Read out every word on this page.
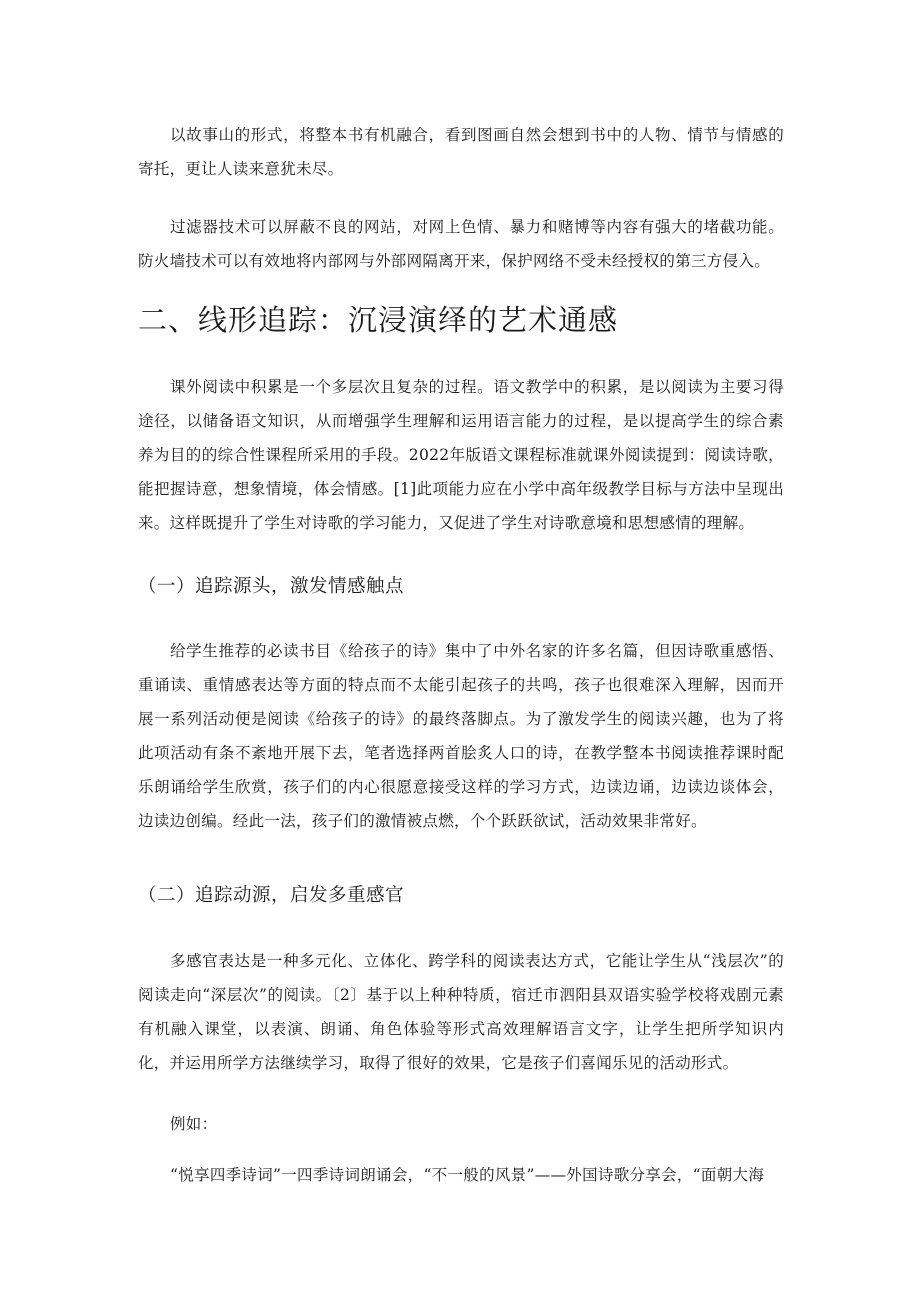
以故事山的形式，将整本书有机融合，看到图画自然会想到书中的人物、情节与情感的寄托，更让人读来意犹未尽。

过滤器技术可以屏蔽不良的网站，对网上色情、暴力和赌博等内容有强大的堵截功能。防火墙技术可以有效地将内部网与外部网隔离开来，保护网络不受未经授权的第三方侵入。

二、线形追踪：沉浸演绎的艺术通感

课外阅读中积累是一个多层次且复杂的过程。语文教学中的积累，是以阅读为主要习得途径，以储备语文知识，从而增强学生理解和运用语言能力的过程，是以提高学生的综合素养为目的的综合性课程所采用的手段。2022年版语文课程标准就课外阅读提到：阅读诗歌，能把握诗意，想象情境，体会情感。[1]此项能力应在小学中高年级教学目标与方法中呈现出来。这样既提升了学生对诗歌的学习能力，又促进了学生对诗歌意境和思想感情的理解。

（一）追踪源头，激发情感触点

给学生推荐的必读书目《给孩子的诗》集中了中外名家的许多名篇，但因诗歌重感悟、重诵读、重情感表达等方面的特点而不太能引起孩子的共鸣，孩子也很难深入理解，因而开展一系列活动便是阅读《给孩子的诗》的最终落脚点。为了激发学生的阅读兴趣，也为了将此项活动有条不紊地开展下去，笔者选择两首脍炙人口的诗，在教学整本书阅读推荐课时配乐朗诵给学生欣赏，孩子们的内心很愿意接受这样的学习方式，边读边诵，边读边谈体会，边读边创编。经此一法，孩子们的激情被点燃，个个跃跃欲试，活动效果非常好。

（二）追踪动源，启发多重感官

多感官表达是一种多元化、立体化、跨学科的阅读表达方式，它能让学生从“浅层次”的阅读走向“深层次”的阅读。〔2〕基于以上种种特质，宿迁市泗阳县双语实验学校将戏剧元素有机融入课堂，以表演、朗诵、角色体验等形式高效理解语言文字，让学生把所学知识内化，并运用所学方法继续学习，取得了很好的效果，它是孩子们喜闻乐见的活动形式。

例如：

“悦享四季诗词”一四季诗词朗诵会，“不一般的风景”——外国诗歌分享会，“面朝大海
